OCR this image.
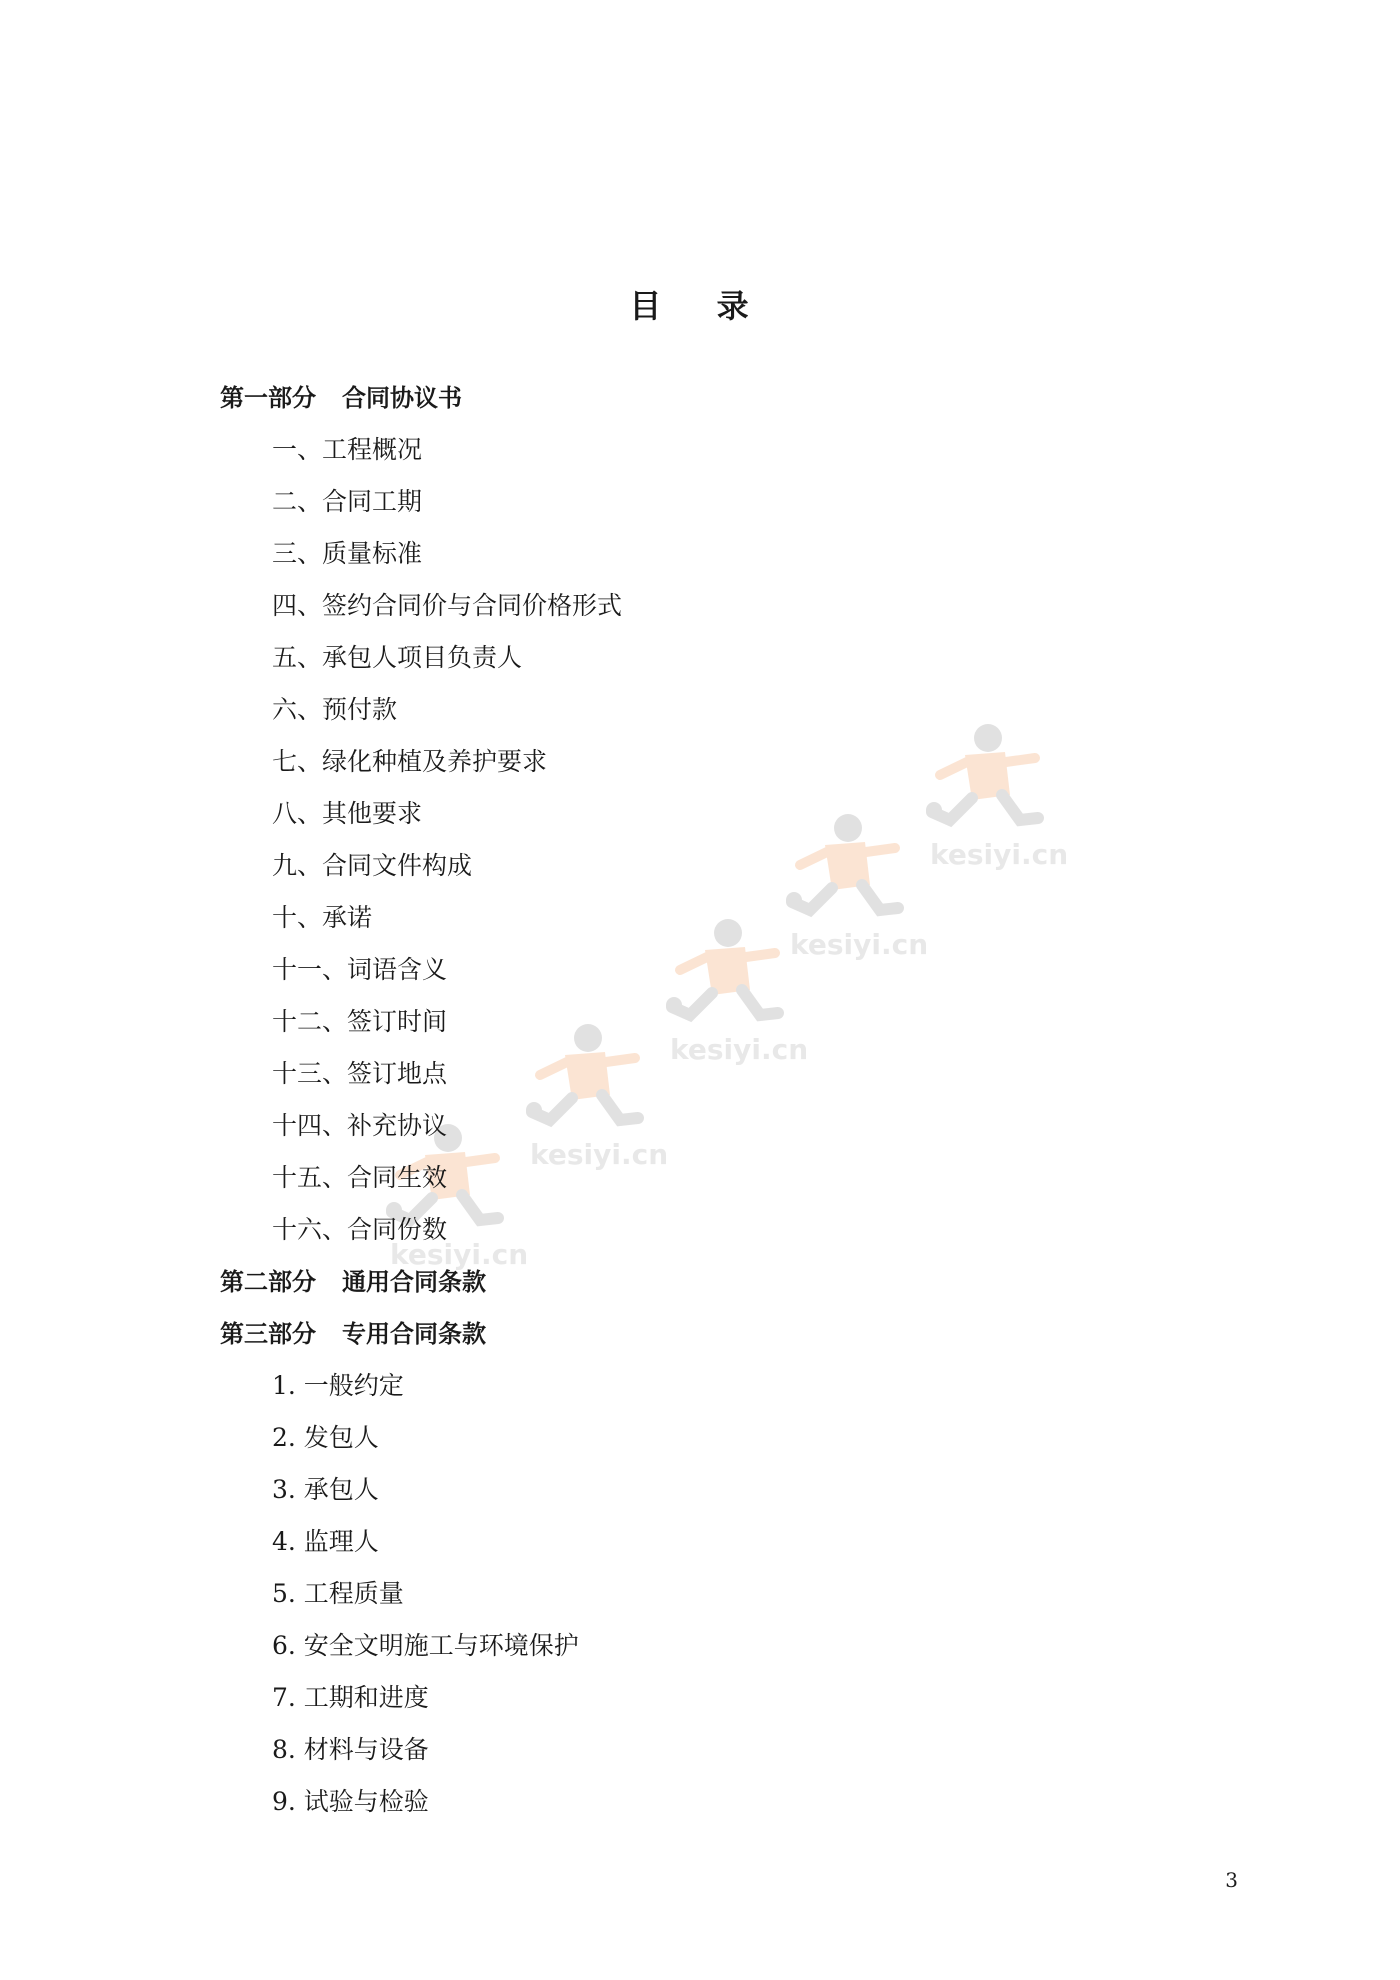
kesiyi.cn
kesiyi.cn
kesiyi.cn
kesiyi.cn
kesiyi.cn
目 录
第一部分 合同协议书
一、工程概况
二、合同工期
三、质量标准
四、签约合同价与合同价格形式
五、承包人项目负责人
六、预付款
七、绿化种植及养护要求
八、其他要求
九、合同文件构成
十、承诺
十一、词语含义
十二、签订时间
十三、签订地点
十四、补充协议
十五、合同生效
十六、合同份数
第二部分 通用合同条款
第三部分 专用合同条款
1. 一般约定
2. 发包人
3. 承包人
4. 监理人
5. 工程质量
6. 安全文明施工与环境保护
7. 工期和进度
8. 材料与设备
9. 试验与检验
3
